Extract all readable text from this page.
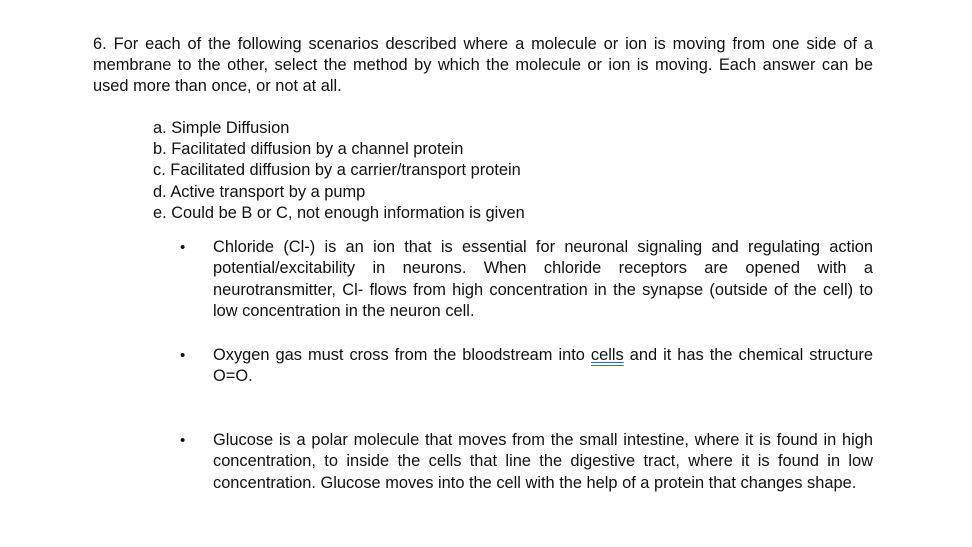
6. For each of the following scenarios described where a molecule or ion is moving from one side of a membrane to the other, select the method by which the molecule or ion is moving. Each answer can be used more than once, or not at all.

a. Simple Diffusion
b. Facilitated diffusion by a channel protein
c. Facilitated diffusion by a carrier/transport protein
d. Active transport by a pump
e. Could be B or C, not enough information is given
•	Chloride (Cl-) is an ion that is essential for neuronal signaling and regulating action potential/excitability in neurons. When chloride receptors are opened with a neurotransmitter, Cl- flows from high concentration in the synapse (outside of the cell) to low concentration in the neuron cell.

•	Oxygen gas must cross from the bloodstream into cells and it has the chemical structure O=O.

•	Glucose is a polar molecule that moves from the small intestine, where it is found in high concentration, to inside the cells that line the digestive tract, where it is found in low concentration. Glucose moves into the cell with the help of a protein that changes shape.
